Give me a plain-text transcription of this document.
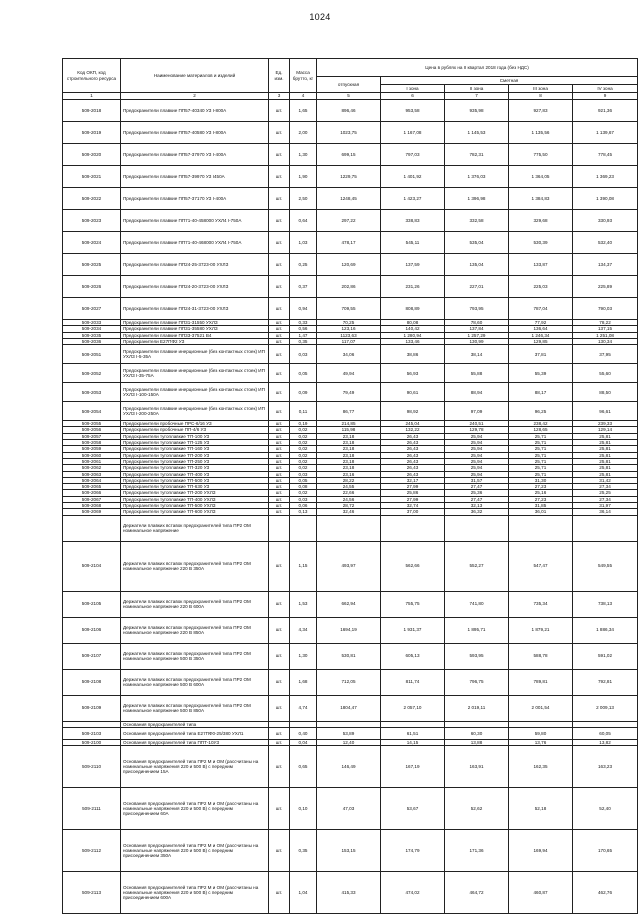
1024
Код ОКП, код строительного ресурса	Наименование материалов и изделий	Ед. изм.	Масса брутто, кг	Цена в рублях на II квартал 2018 года (без НДС)				
				отпускная	Сметная			
					I зона	II зона	III зона	IV зона
1	2	3	4	5	6	7	8	9
509-2018	Предохранители плавкие ПП57-40340 УЗ I-800А	шт.	1,65	896,46	953,58	935,98	927,83	921,36
509-2019	Предохранители плавкие ПП57-40580 УЗ I-800А	шт.	2,00	1023,75	1 167,08	1 145,53	1 135,56	1 139,67
509-2020	Предохранители плавкие ПП57-37970 УЗ I-400А	шт.	1,30	699,15	797,03	782,31	775,50	778,45
509-2021	Предохранители плавкие ПП57-39970 УЗ I450А	шт.	1,90	1229,75	1 401,92	1 376,03	1 364,05	1 369,23
509-2022	Предохранители плавкие ПП57-37170 УЗ I-400А	шт.	2,50	1248,45	1 423,27	1 396,98	1 384,83	1 390,08
509-2023	Предохранители плавкие ПП71-40-458000 УХЛ4 I-750А	шт.	0,64	297,22	338,83	332,58	329,68	330,93
509-2024	Предохранители плавкие ПП71-40-468000 УХЛ4 I-750А	шт.	1,03	478,17	545,11	535,04	530,39	532,40
509-2025	Предохранители плавкие ПП24-25-3723-00 УХЛЗ	шт.	0,25	120,69	137,59	135,04	133,87	134,37
509-2026	Предохранители плавкие ПП24-20-3723-00 УХЛЗ	шт.	0,37	202,86	231,26	227,01	225,03	225,89
509-2027	Предохранители плавкие ПП24-31-3723-00 УХЛЗ	шт.	0,94	709,55	808,89	793,95	787,04	790,03
509-2033	Предохранители плавкие ПП31-31550 УХЛЗ	шт.	0,33	70,25	80,08	78,60	77,92	78,22
509-2034	Предохранители плавкие ПП31-35580 УХЛЗ	шт.	0,56	123,16	140,42	137,84	136,64	137,15
509-2035	Предохранители плавкие ПП33-37521 В4	шт.	1,47	1123,63	1 280,94	1 257,29	1 246,34	1 251,08
509-2036	Предохранители Е27ПФ2 УЗ	шт.	0,35	117,07	133,46	130,99	129,85	130,34
509-2051	Предохранители плавкие инерционные (без контактных стоек) ИП УХЛЗ I-5-35А	шт.	0,03	34,06	38,86	38,14	37,81	37,95
509-2052	Предохранители плавкие инерционные (без контактных стоек) ИП УХЛЗ I-35-75А	шт.	0,05	49,94	56,93	55,88	55,39	55,60
509-2053	Предохранители плавкие инерционные (без контактных стоек) ИП УХЛЗ I-100-150А	шт.	0,09	79,49	90,61	88,94	88,17	88,50
509-2054	Предохранители плавкие инерционные (без контактных стоек) ИП УХЛЗ I-200-250А	шт.	0,11	86,77	98,92	97,09	96,25	96,61
509-2055	Предохранители пробочные ПРС-6/16 УЗ	шт.	0,19	214,85	245,04	240,51	238,42	239,33
509-2056	Предохранители пробочные ПП-4/6 УЗ	шт.	0,02	115,98	132,22	129,78	128,65	129,14
509-2057	Предохранители тугоплавкие ТП-100 УЗ	шт.	0,02	23,18	26,43	25,94	25,71	25,81
509-2058	Предохранители тугоплавкие ТП-125 УЗ	шт.	0,02	23,18	26,43	25,94	25,71	25,81
509-2059	Предохранители тугоплавкие ТП-160 УЗ	шт.	0,02	23,18	26,43	25,94	25,71	25,81
509-2060	Предохранители тугоплавкие ТП-200 УЗ	шт.	0,02	23,18	26,43	25,94	25,71	25,81
509-2061	Предохранители тугоплавкие ТП-250 УЗ	шт.	0,02	23,18	26,43	25,94	25,71	25,81
509-2062	Предохранители тугоплавкие ТП-320 УЗ	шт.	0,02	23,18	26,43	25,94	25,71	25,81
509-2063	Предохранители тугоплавкие ТП-400 УЗ	шт.	0,03	23,16	26,43	25,94	25,71	25,81
509-2064	Предохранители тугоплавкие ТП-500 УЗ	шт.	0,05	28,22	32,17	31,57	31,30	31,42
509-2065	Предохранители тугоплавкие ТП-630 УЗ	шт.	0,08	24,55	27,99	27,47	27,23	27,34
509-2066	Предохранители тугоплавкие ТП-200 УХЛЗ	шт.	0,02	22,66	25,86	25,36	25,16	25,25
509-2067	Предохранители тугоплавкие ТП-400 УХЛЗ	шт.	0,03	24,56	27,99	27,47	27,23	27,34
509-2068	Предохранители тугоплавкие ТП-500 УХЛЗ	шт.	0,06	28,72	32,74	32,13	31,85	31,97
509-2069	Предохранители тугоплавкие ТП-600 УХЛЗ	шт.	0,13	32,46	37,00	36,32	36,01	36,14
	Держатели плавких вставок предохранителей типа ПР2 ОМ номинальное напряжение							
509-2104	Держатели плавких вставок предохранителей типа ПР2 ОМ номинальное напряжение 220 В 350А	шт.	1,15	493,97	562,66	552,27	547,47	549,55
509-2105	Держатели плавких вставок предохранителей типа ПР2 ОМ номинальное напряжение 220 В 600А	шт.	1,53	662,94	755,75	741,80	735,34	738,13
509-2106	Держатели плавких вставок предохранителей типа ПР2 ОМ номинальное напряжение 220 В 850А	шт.	4,34	1694,19	1 931,37	1 895,71	1 879,21	1 886,34
509-2107	Держатели плавких вставок предохранителей типа ПР2 ОМ номинальное напряжение 500 В 350А	шт.	1,30	530,81	605,13	593,95	588,78	591,02
509-2108	Держатели плавких вставок предохранителей типа ПР2 ОМ номинальное напряжение 500 В 600А	шт.	1,68	712,05	811,74	796,75	789,81	792,81
509-2109	Держатели плавких вставок предохранителей типа ПР2 ОМ номинальное напряжение 500 В 850А	шт.	4,74	1804,47	2 057,10	2 019,11	2 001,54	2 009,13
	Основания предохранителей типа							
509-2103	Основания предохранителей типа Е27ПФ0-25/380 УХЛ1	шт.	0,40	53,89	61,51	60,30	59,80	60,05
509-2100	Основания предохранителей типа ППТ-10УЗ	шт.	0,04	12,40	14,15	13,88	13,76	13,82
509-2110	Основания предохранителей типа ПР2 М и ОМ (рассчитаны на номинальные напряжения 220 и 500 В) с передним присоединением 15А	шт.	0,65	146,49	167,19	163,91	162,35	163,23
509-2111	Основания предохранителей типа ПР2 М и ОМ (рассчитаны на номинальные напряжения 220 и 500 В) с передним присоединением 60А	шт.	0,10	47,03	53,67	52,62	52,18	52,40
509-2112	Основания предохранителей типа ПР2 М и ОМ (рассчитаны на номинальные напряжения 220 и 500 В) с передним присоединением 350А	шт.	0,35	153,15	174,79	171,36	169,94	170,65
509-2113	Основания предохранителей типа ПР2 М и ОМ (рассчитаны на номинальные напряжения 220 и 500 В) с передним присоединением 600А	шт.	1,04	415,33	474,02	464,72	460,87	462,76
